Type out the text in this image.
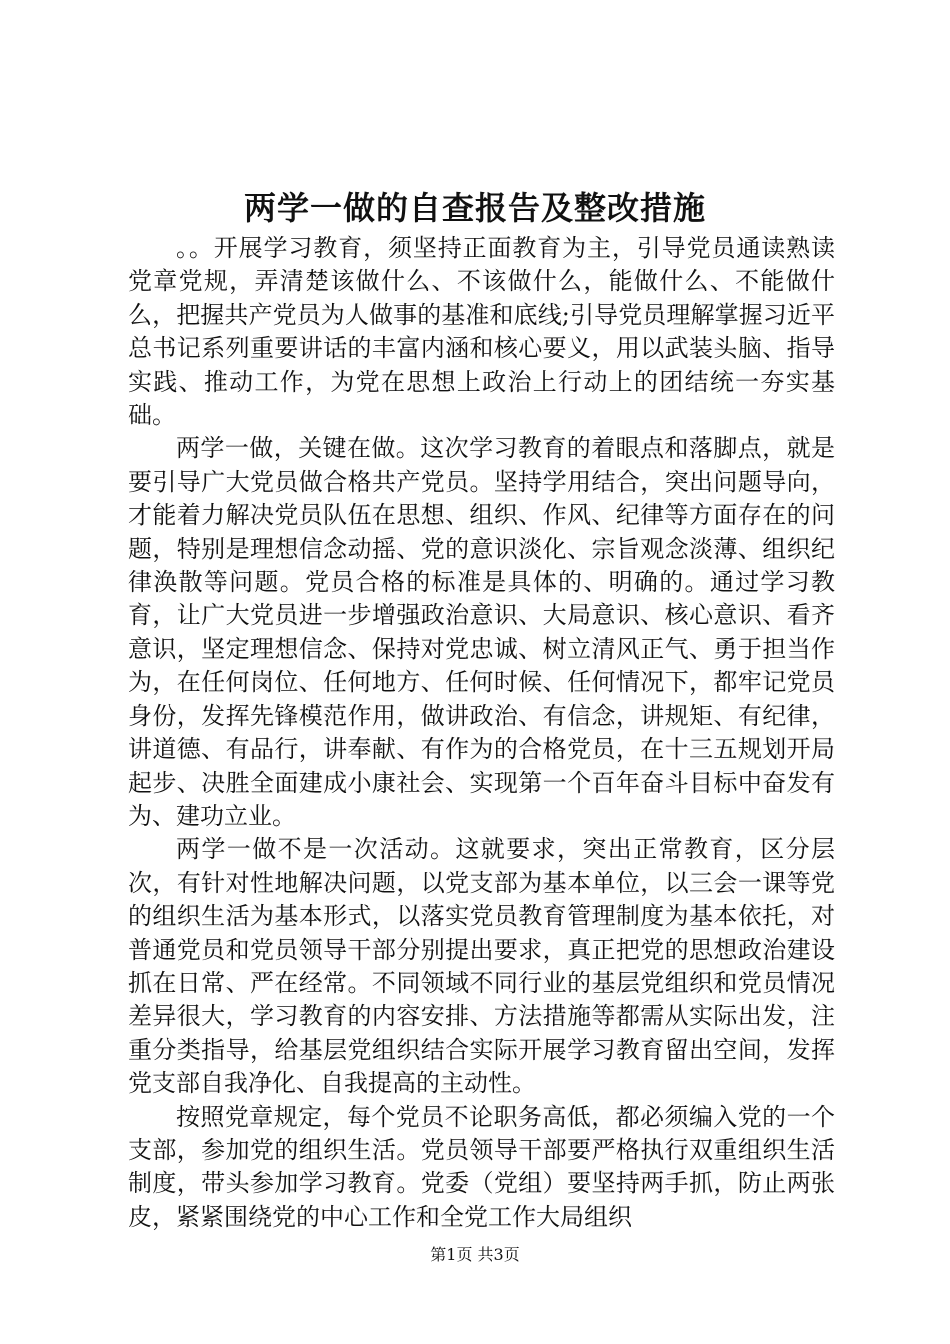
两学一做的自查报告及整改措施

。。开展学习教育，须坚持正面教育为主，引导党员通读熟读党章党规，弄清楚该做什么、不该做什么，能做什么、不能做什么，把握共产党员为人做事的基准和底线;引导党员理解掌握习近平总书记系列重要讲话的丰富内涵和核心要义，用以武装头脑、指导实践、推动工作，为党在思想上政治上行动上的团结统一夯实基础。

两学一做，关键在做。这次学习教育的着眼点和落脚点，就是要引导广大党员做合格共产党员。坚持学用结合，突出问题导向，才能着力解决党员队伍在思想、组织、作风、纪律等方面存在的问题，特别是理想信念动摇、党的意识淡化、宗旨观念淡薄、组织纪律涣散等问题。党员合格的标准是具体的、明确的。通过学习教育，让广大党员进一步增强政治意识、大局意识、核心意识、看齐意识，坚定理想信念、保持对党忠诚、树立清风正气、勇于担当作为，在任何岗位、任何地方、任何时候、任何情况下，都牢记党员身份，发挥先锋模范作用，做讲政治、有信念，讲规矩、有纪律，讲道德、有品行，讲奉献、有作为的合格党员，在十三五规划开局起步、决胜全面建成小康社会、实现第一个百年奋斗目标中奋发有为、建功立业。

两学一做不是一次活动。这就要求，突出正常教育，区分层次，有针对性地解决问题，以党支部为基本单位，以三会一课等党的组织生活为基本形式，以落实党员教育管理制度为基本依托，对普通党员和党员领导干部分别提出要求，真正把党的思想政治建设抓在日常、严在经常。不同领域不同行业的基层党组织和党员情况差异很大，学习教育的内容安排、方法措施等都需从实际出发，注重分类指导，给基层党组织结合实际开展学习教育留出空间，发挥党支部自我净化、自我提高的主动性。

按照党章规定，每个党员不论职务高低，都必须编入党的一个支部，参加党的组织生活。党员领导干部要严格执行双重组织生活制度，带头参加学习教育。党委（党组）要坚持两手抓，防止两张皮，紧紧围绕党的中心工作和全党工作大局组织

第1页 共3页
